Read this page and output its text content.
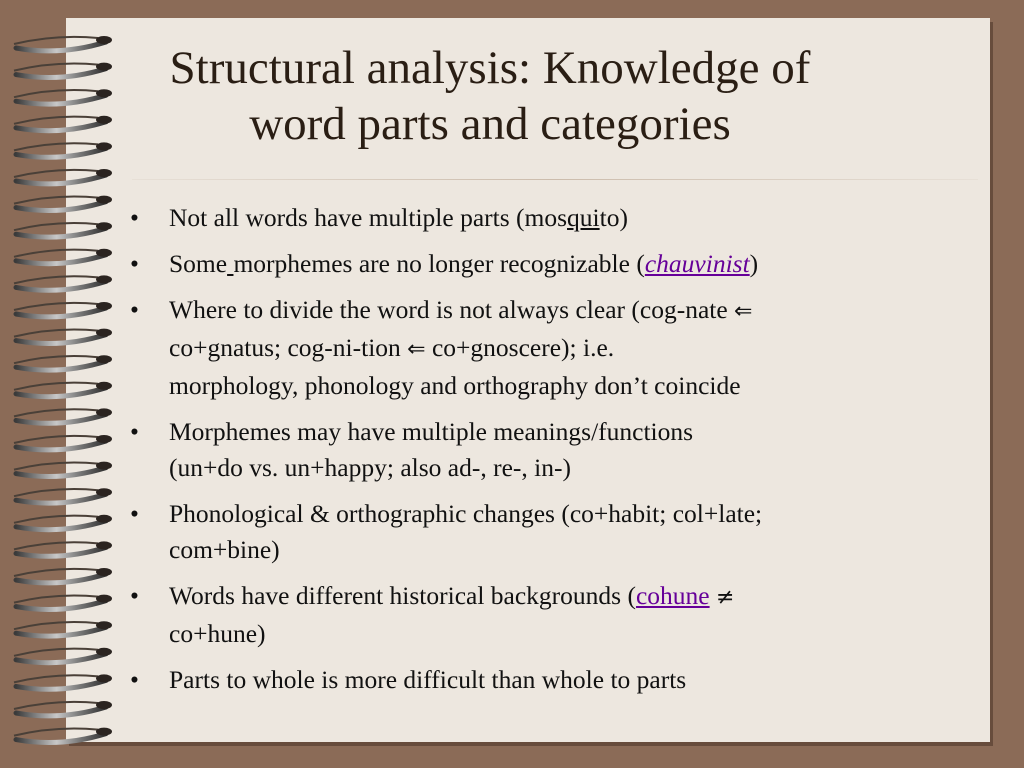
Structural analysis: Knowledge of
word parts and categories
• Not all words have multiple parts (mosquito)
• Some morphemes are no longer recognizable (chauvinist)
• Where to divide the word is not always clear (cog-nate ⇐
co+gnatus; cog-ni-tion ⇐ co+gnoscere); i.e.
morphology, phonology and orthography don’t coincide
• Morphemes may have multiple meanings/functions
(un+do vs. un+happy; also ad-, re-, in-)
• Phonological & orthographic changes (co+habit; col+late;
com+bine)
• Words have different historical backgrounds (cohune ≠
co+hune)
• Parts to whole is more difficult than whole to parts
